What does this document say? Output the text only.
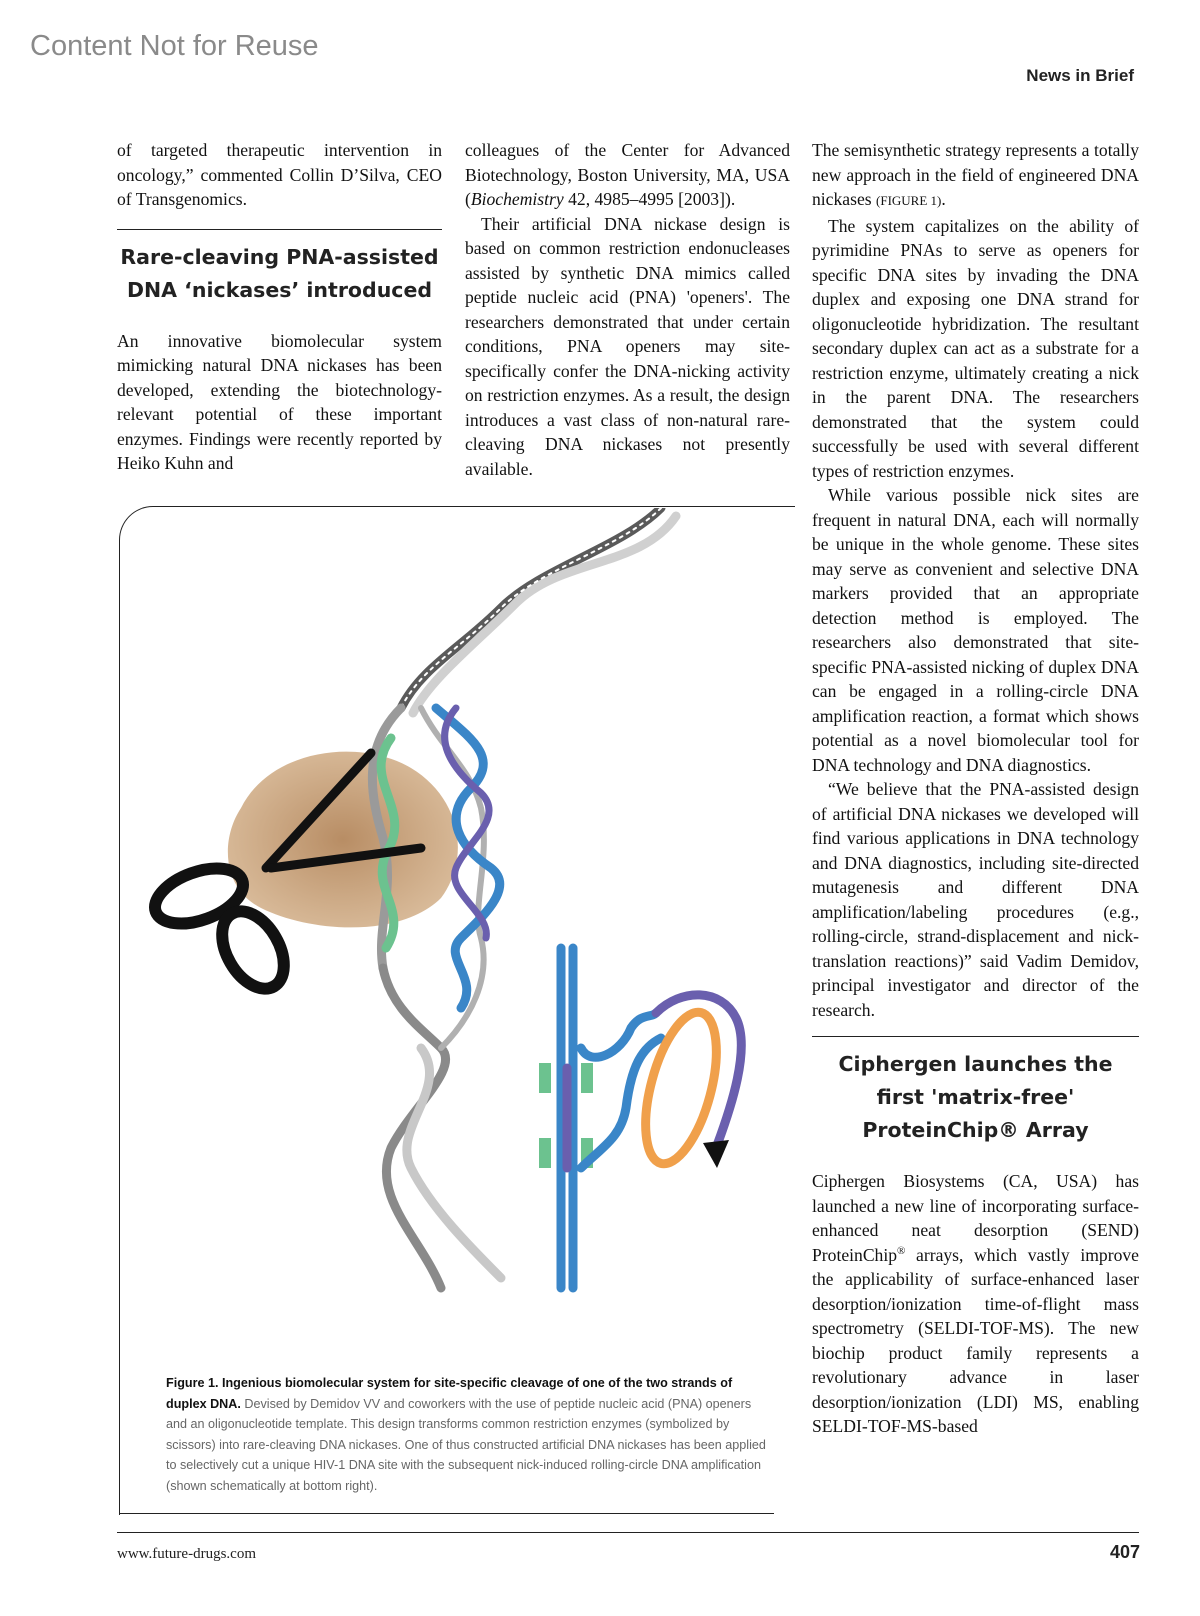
Content Not for Reuse
News in Brief

of targeted therapeutic intervention in oncology,” commented Collin D’Silva, CEO of Transgenomics.

Rare-cleaving PNA-assisted DNA ‘nickases’ introduced

An innovative biomolecular system mimicking natural DNA nickases has been developed, extending the biotechnology-relevant potential of these important enzymes. Findings were recently reported by Heiko Kuhn and

colleagues of the Center for Advanced Biotechnology, Boston University, MA, USA (Biochemistry 42, 4985–4995 [2003]).

Their artificial DNA nickase design is based on common restriction endonucleases assisted by synthetic DNA mimics called peptide nucleic acid (PNA) 'openers'. The researchers demonstrated that under certain conditions, PNA openers may site-specifically confer the DNA-nicking activity on restriction enzymes. As a result, the design introduces a vast class of non-natural rare-cleaving DNA nickases not presently available.

The semisynthetic strategy represents a totally new approach in the field of engineered DNA nickases (FIGURE 1).

The system capitalizes on the ability of pyrimidine PNAs to serve as openers for specific DNA sites by invading the DNA duplex and exposing one DNA strand for oligonucleotide hybridization. The resultant secondary duplex can act as a substrate for a restriction enzyme, ultimately creating a nick in the parent DNA. The researchers demonstrated that the system could successfully be used with several different types of restriction enzymes.

While various possible nick sites are frequent in natural DNA, each will normally be unique in the whole genome. These sites may serve as convenient and selective DNA markers provided that an appropriate detection method is employed. The researchers also demonstrated that site-specific PNA-assisted nicking of duplex DNA can be engaged in a rolling-circle DNA amplification reaction, a format which shows potential as a novel biomolecular tool for DNA technology and DNA diagnostics.

“We believe that the PNA-assisted design of artificial DNA nickases we developed will find various applications in DNA technology and DNA diagnostics, including site-directed mutagenesis and different DNA amplification/labeling procedures (e.g., rolling-circle, strand-displacement and nick-translation reactions)” said Vadim Demidov, principal investigator and director of the research.

Ciphergen launches the first 'matrix-free' ProteinChip® Array

Ciphergen Biosystems (CA, USA) has launched a new line of incorporating surface-enhanced neat desorption (SEND) ProteinChip® arrays, which vastly improve the applicability of surface-enhanced laser desorption/ionization time-of-flight mass spectrometry (SELDI-TOF-MS). The new biochip product family represents a revolutionary advance in laser desorption/ionization (LDI) MS, enabling SELDI-TOF-MS-based

Figure 1. Ingenious biomolecular system for site-specific cleavage of one of the two strands of duplex DNA. Devised by Demidov VV and coworkers with the use of peptide nucleic acid (PNA) openers and an oligonucleotide template. This design transforms common restriction enzymes (symbolized by scissors) into rare-cleaving DNA nickases. One of thus constructed artificial DNA nickases has been applied to selectively cut a unique HIV-1 DNA site with the subsequent nick-induced rolling-circle DNA amplification (shown schematically at bottom right).
www.future-drugs.com	407
